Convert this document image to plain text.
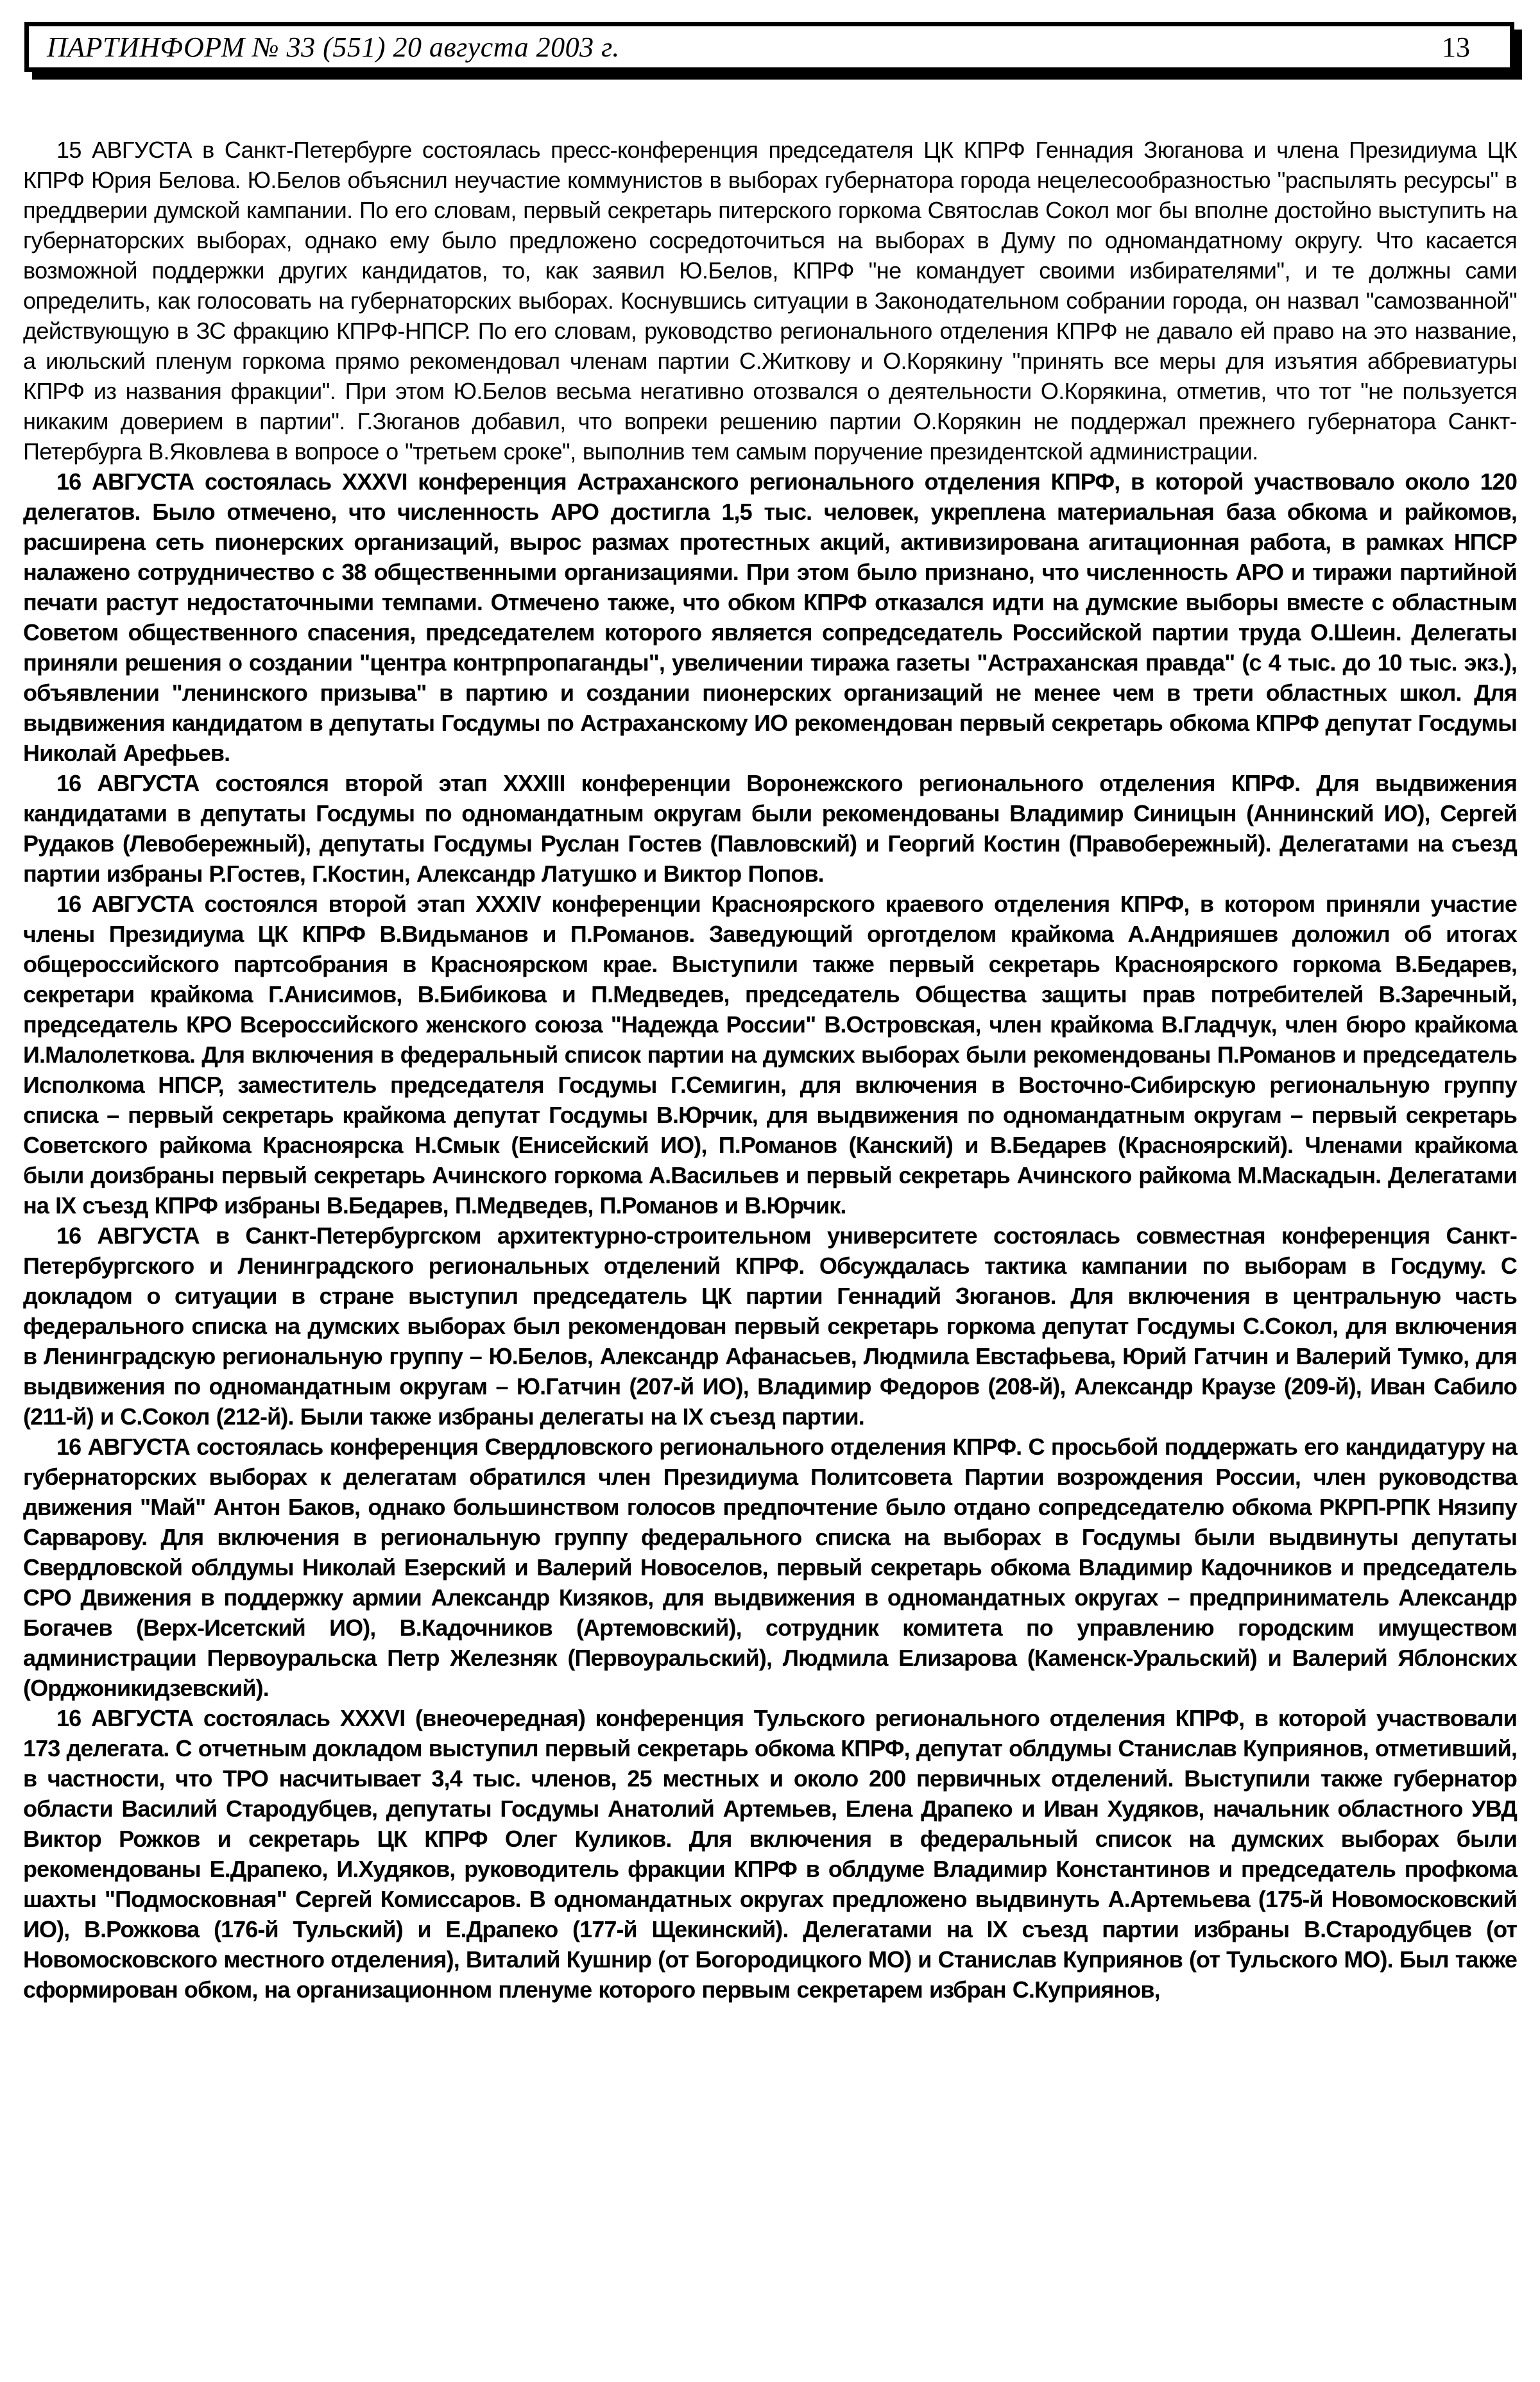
ПАРТИНФОРМ № 33 (551) 20 августа 2003 г.	13

15 АВГУСТА в Санкт-Петербурге состоялась пресс-конференция председателя ЦК КПРФ Геннадия Зюганова и члена Президиума ЦК КПРФ Юрия Белова. Ю.Белов объяснил неучастие коммунистов в выборах губернатора города нецелесообразностью "распылять ресурсы" в преддверии думской кампании. По его словам, первый секретарь питерского горкома Святослав Сокол мог бы вполне достойно выступить на губернаторских выборах, однако ему было предложено сосредоточиться на выборах в Думу по одномандатному округу. Что касается возможной поддержки других кандидатов, то, как заявил Ю.Белов, КПРФ "не командует своими избирателями", и те должны сами определить, как голосовать на губернаторских выборах. Коснувшись ситуации в Законодательном собрании города, он назвал "самозванной" действующую в ЗС фракцию КПРФ-НПСР. По его словам, руководство регионального отделения КПРФ не давало ей право на это название, а июльский пленум горкома прямо рекомендовал членам партии С.Житкову и О.Корякину "принять все меры для изъятия аббревиатуры КПРФ из названия фракции". При этом Ю.Белов весьма негативно отозвался о деятельности О.Корякина, отметив, что тот "не пользуется никаким доверием в партии". Г.Зюганов добавил, что вопреки решению партии О.Корякин не поддержал прежнего губернатора Санкт-Петербурга В.Яковлева в вопросе о "третьем сроке", выполнив тем самым поручение президентской администрации.

16 АВГУСТА состоялась XXXVI конференция Астраханского регионального отделения КПРФ, в которой участвовало около 120 делегатов. Было отмечено, что численность АРО достигла 1,5 тыс. человек, укреплена материальная база обкома и райкомов, расширена сеть пионерских организаций, вырос размах протестных акций, активизирована агитационная работа, в рамках НПСР налажено сотрудничество с 38 общественными организациями. При этом было признано, что численность АРО и тиражи партийной печати растут недостаточными темпами. Отмечено также, что обком КПРФ отказался идти на думские выборы вместе с областным Советом общественного спасения, председателем которого является сопредседатель Российской партии труда О.Шеин. Делегаты приняли решения о создании "центра контрпропаганды", увеличении тиража газеты "Астраханская правда" (с 4 тыс. до 10 тыс. экз.), объявлении "ленинского призыва" в партию и создании пионерских организаций не менее чем в трети областных школ. Для выдвижения кандидатом в депутаты Госдумы по Астраханскому ИО рекомендован первый секретарь обкома КПРФ депутат Госдумы Николай Арефьев.

16 АВГУСТА состоялся второй этап XXXIII конференции Воронежского регионального отделения КПРФ. Для выдвижения кандидатами в депутаты Госдумы по одномандатным округам были рекомендованы Владимир Синицын (Аннинский ИО), Сергей Рудаков (Левобережный), депутаты Госдумы Руслан Гостев (Павловский) и Георгий Костин (Правобережный). Делегатами на съезд партии избраны Р.Гостев, Г.Костин, Александр Латушко и Виктор Попов.

16 АВГУСТА состоялся второй этап XXXIV конференции Красноярского краевого отделения КПРФ, в котором приняли участие члены Президиума ЦК КПРФ В.Видьманов и П.Романов. Заведующий орготделом крайкома А.Андрияшев доложил об итогах общероссийского партсобрания в Красноярском крае. Выступили также первый секретарь Красноярского горкома В.Бедарев, секретари крайкома Г.Анисимов, В.Бибикова и П.Медведев, председатель Общества защиты прав потребителей В.Заречный, председатель КРО Всероссийского женского союза "Надежда России" В.Островская, член крайкома В.Гладчук, член бюро крайкома И.Малолеткова. Для включения в федеральный список партии на думских выборах были рекомендованы П.Романов и председатель Исполкома НПСР, заместитель председателя Госдумы Г.Семигин, для включения в Восточно-Сибирскую региональную группу списка – первый секретарь крайкома депутат Госдумы В.Юрчик, для выдвижения по одномандатным округам – первый секретарь Советского райкома Красноярска Н.Смык (Енисейский ИО), П.Романов (Канский) и В.Бедарев (Красноярский). Членами крайкома были доизбраны первый секретарь Ачинского горкома А.Васильев и первый секретарь Ачинского райкома М.Маскадын. Делегатами на IX съезд КПРФ избраны В.Бедарев, П.Медведев, П.Романов и В.Юрчик.

16 АВГУСТА в Санкт-Петербургском архитектурно-строительном университете состоялась совместная конференция Санкт-Петербургского и Ленинградского региональных отделений КПРФ. Обсуждалась тактика кампании по выборам в Госдуму. С докладом о ситуации в стране выступил председатель ЦК партии Геннадий Зюганов. Для включения в центральную часть федерального списка на думских выборах был рекомендован первый секретарь горкома депутат Госдумы С.Сокол, для включения в Ленинградскую региональную группу – Ю.Белов, Александр Афанасьев, Людмила Евстафьева, Юрий Гатчин и Валерий Тумко, для выдвижения по одномандатным округам – Ю.Гатчин (207-й ИО), Владимир Федоров (208-й), Александр Краузе (209-й), Иван Сабило (211-й) и С.Сокол (212-й). Были также избраны делегаты на IX съезд партии.

16 АВГУСТА состоялась конференция Свердловского регионального отделения КПРФ. С просьбой поддержать его кандидатуру на губернаторских выборах к делегатам обратился член Президиума Политсовета Партии возрождения России, член руководства движения "Май" Антон Баков, однако большинством голосов предпочтение было отдано сопредседателю обкома РКРП-РПК Нязипу Сарварову. Для включения в региональную группу федерального списка на выборах в Госдумы были выдвинуты депутаты Свердловской облдумы Николай Езерский и Валерий Новоселов, первый секретарь обкома Владимир Кадочников и председатель СРО Движения в поддержку армии Александр Кизяков, для выдвижения в одномандатных округах – предприниматель Александр Богачев (Верх-Исетский ИО), В.Кадочников (Артемовский), сотрудник комитета по управлению городским имуществом администрации Первоуральска Петр Железняк (Первоуральский), Людмила Елизарова (Каменск-Уральский) и Валерий Яблонских (Орджоникидзевский).

16 АВГУСТА состоялась XXXVI (внеочередная) конференция Тульского регионального отделения КПРФ, в которой участвовали 173 делегата. С отчетным докладом выступил первый секретарь обкома КПРФ, депутат облдумы Станислав Куприянов, отметивший, в частности, что ТРО насчитывает 3,4 тыс. членов, 25 местных и около 200 первичных отделений. Выступили также губернатор области Василий Стародубцев, депутаты Госдумы Анатолий Артемьев, Елена Драпеко и Иван Худяков, начальник областного УВД Виктор Рожков и секретарь ЦК КПРФ Олег Куликов. Для включения в федеральный список на думских выборах были рекомендованы Е.Драпеко, И.Худяков, руководитель фракции КПРФ в облдуме Владимир Константинов и председатель профкома шахты "Подмосковная" Сергей Комиссаров. В одномандатных округах предложено выдвинуть А.Артемьева (175-й Новомосковский ИО), В.Рожкова (176-й Тульский) и Е.Драпеко (177-й Щекинский). Делегатами на IX съезд партии избраны В.Стародубцев (от Новомосковского местного отделения), Виталий Кушнир (от Богородицкого МО) и Станислав Куприянов (от Тульского МО). Был также сформирован обком, на организационном пленуме которого первым секретарем избран С.Куприянов,
